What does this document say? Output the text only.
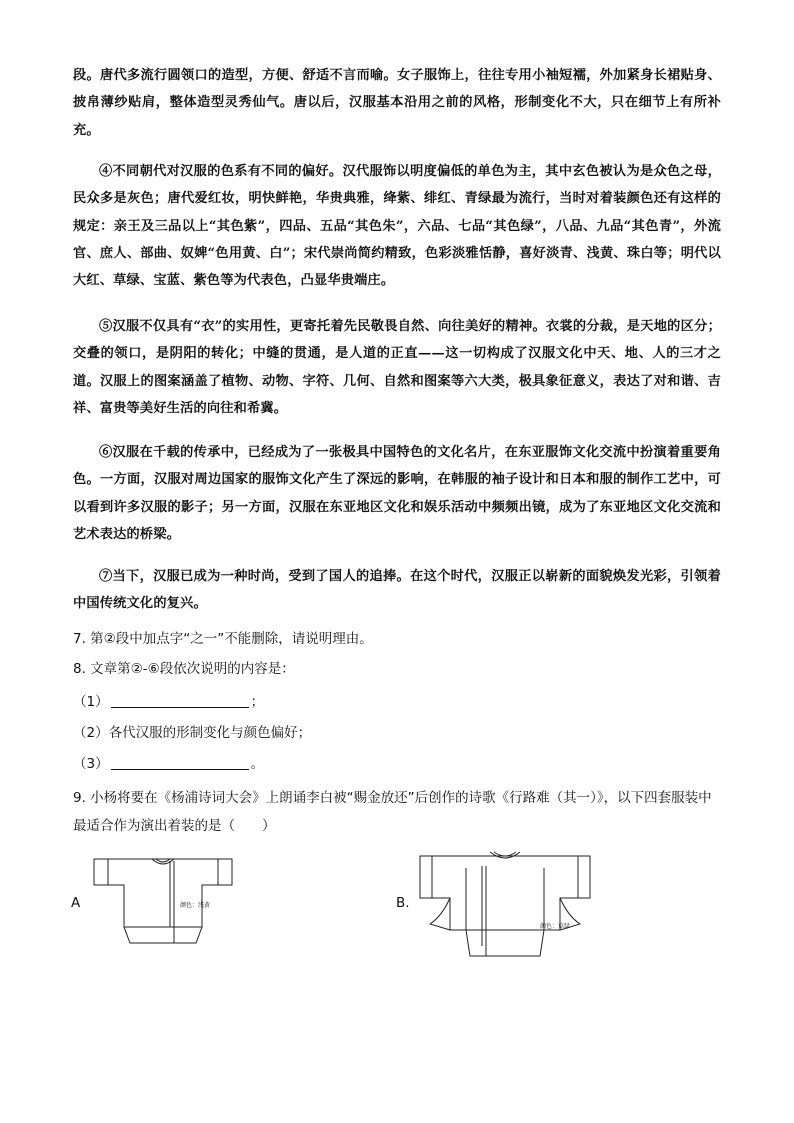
段。唐代多流行圆领口的造型，方便、舒适不言而喻。女子服饰上，往往专用小袖短襦，外加紧身长裙贴身、披帛薄纱贴肩，整体造型灵秀仙气。唐以后，汉服基本沿用之前的风格，形制变化不大，只在细节上有所补充。
④不同朝代对汉服的色系有不同的偏好。汉代服饰以明度偏低的单色为主，其中玄色被认为是众色之母，民众多是灰色；唐代爱红妆，明快鲜艳，华贵典雅，绛紫、绯红、青绿最为流行，当时对着装颜色还有这样的规定：亲王及三品以上“其色紫”，四品、五品“其色朱”，六品、七品“其色绿”，八品、九品“其色青”，外流官、庶人、部曲、奴婢“色用黄、白”；宋代崇尚简约精致，色彩淡雅恬静，喜好淡青、浅黄、珠白等；明代以大红、草绿、宝蓝、紫色等为代表色，凸显华贵端庄。
⑤汉服不仅具有“衣”的实用性，更寄托着先民敬畏自然、向往美好的精神。衣裳的分裁，是天地的区分；交叠的领口，是阴阳的转化；中缝的贯通，是人道的正直——这一切构成了汉服文化中天、地、人的三才之道。汉服上的图案涵盖了植物、动物、字符、几何、自然和图案等六大类，极具象征意义，表达了对和谐、吉祥、富贵等美好生活的向往和希冀。
⑥汉服在千载的传承中，已经成为了一张极具中国特色的文化名片，在东亚服饰文化交流中扮演着重要角色。一方面，汉服对周边国家的服饰文化产生了深远的影响，在韩服的袖子设计和日本和服的制作工艺中，可以看到许多汉服的影子；另一方面，汉服在东亚地区文化和娱乐活动中频频出镜，成为了东亚地区文化交流和艺术表达的桥梁。
⑦当下，汉服已成为一种时尚，受到了国人的追捧。在这个时代，汉服正以崭新的面貌焕发光彩，引领着中国传统文化的复兴。
7. 第②段中加点字“之一”不能删除，请说明理由。
8. 文章第②-⑥段依次说明的内容是：
（1）	；
（2）各代汉服的形制变化与颜色偏好；
（3）	。
9. 小杨将要在《杨浦诗词大会》上朗诵李白被“赐金放还”后创作的诗歌《行路难（其一）》，以下四套服装中最适合作为演出着装的是（　　）
A	颜色：浅黄	B.
颜色：草绿
